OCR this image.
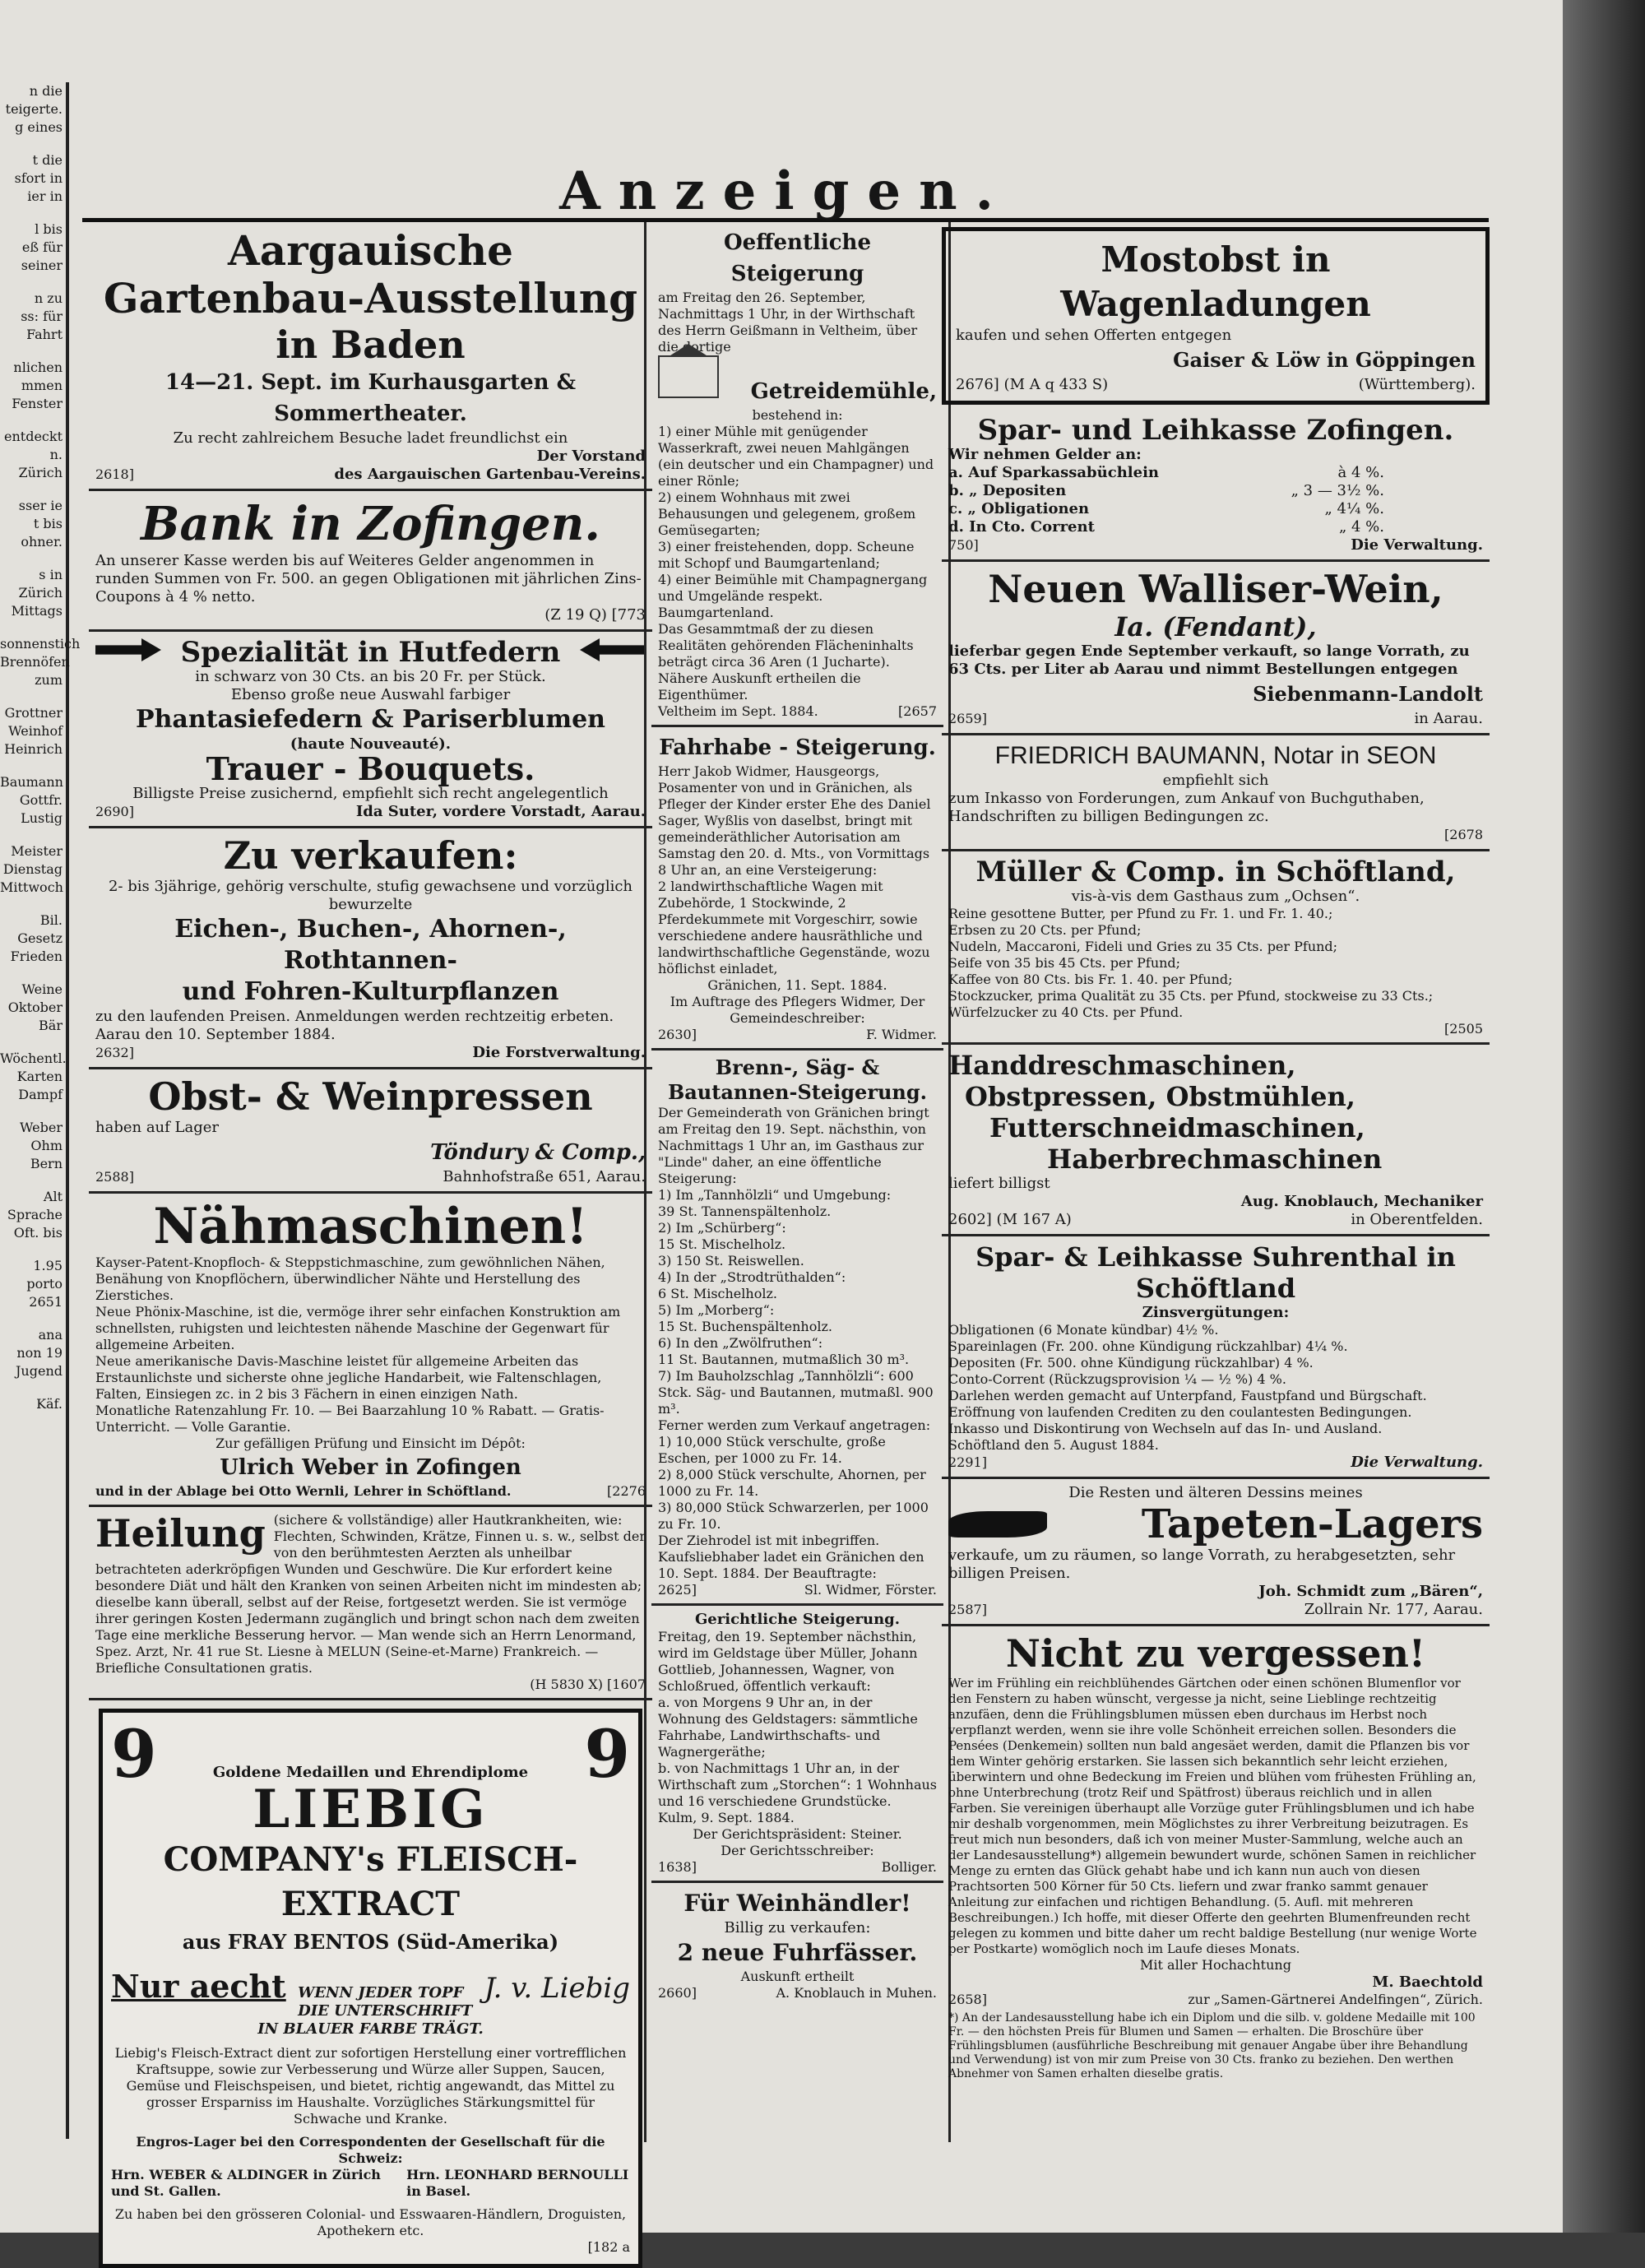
n die
teigerte.
g eines
t die
sfort in
ier in
l bis
eß für
seiner
n zu
ss: für
Fahrt
nlichen
mmen
Fenster
entdeckt
n.
Zürich
sser ie
t bis
ohner.
s in
Zürich
Mittags
sonnenstich
Brennöfen
zum
Grottner
Weinhof
Heinrich
Baumann
Gottfr.
Lustig
Meister
Dienstag
Mittwoch
Bil.
Gesetz
Frieden
Weine
Oktober
Bär
Wöchentl.
Karten
Dampf
Weber
Ohm
Bern
Alt
Sprache
Oft. bis
1.95
porto
2651
ana
non 19
Jugend
Käf.
Anzeigen.
Aargauische Gartenbau-Ausstellung
in Baden
14—21. Sept. im Kurhausgarten & Sommertheater.
Zu recht zahlreichem Besuche ladet freundlichst ein
Der Vorstand
2618]	des Aargauischen Gartenbau-Vereins.
Bank in Zofingen.
An unserer Kasse werden bis auf Weiteres Gelder angenommen in runden Summen von Fr. 500. an gegen Obligationen mit jährlichen Zins-Coupons à 4 % netto.
(Z 19 Q) [773
Spezialität in Hutfedern
in schwarz von 30 Cts. an bis 20 Fr. per Stück.
Ebenso große neue Auswahl farbiger
Phantasiefedern & Pariserblumen
(haute Nouveauté).
Trauer - Bouquets.
Billigste Preise zusichernd, empfiehlt sich recht angelegentlich
2690]	Ida Suter, vordere Vorstadt, Aarau.
Zu verkaufen:
2- bis 3jährige, gehörig verschulte, stufig gewachsene und vorzüglich bewurzelte
Eichen-, Buchen-, Ahornen-, Rothtannen-
und Fohren-Kulturpflanzen
zu den laufenden Preisen. Anmeldungen werden rechtzeitig erbeten.
Aarau den 10. September 1884.
2632]	Die Forstverwaltung.
Obst- & Weinpressen
haben auf Lager
Töndury & Comp.,
2588]	Bahnhofstraße 651, Aarau.
Nähmaschinen!
Kayser-Patent-Knopfloch- & Steppstichmaschine, zum gewöhnlichen Nähen, Benähung von Knopflöchern, überwindlicher Nähte und Herstellung des Zierstiches.
Neue Phönix-Maschine, ist die, vermöge ihrer sehr einfachen Konstruktion am schnellsten, ruhigsten und leichtesten nähende Maschine der Gegenwart für allgemeine Arbeiten.
Neue amerikanische Davis-Maschine leistet für allgemeine Arbeiten das Erstaunlichste und sicherste ohne jegliche Handarbeit, wie Faltenschlagen, Falten, Einsiegen zc. in 2 bis 3 Fächern in einen einzigen Nath.
Monatliche Ratenzahlung Fr. 10. — Bei Baarzahlung 10 % Rabatt. — Gratis-Unterricht. — Volle Garantie.
Zur gefälligen Prüfung und Einsicht im Dépôt:
Ulrich Weber in Zofingen
und in der Ablage bei Otto Wernli, Lehrer in Schöftland.	[2276
Heilung (sichere & vollständige) aller Hautkrankheiten, wie: Flechten, Schwinden, Krätze, Finnen u. s. w., selbst der von den berühmtesten Aerzten als unheilbar betrachteten aderkröpfigen Wunden und Geschwüre. Die Kur erfordert keine besondere Diät und hält den Kranken von seinen Arbeiten nicht im mindesten ab; dieselbe kann überall, selbst auf der Reise, fortgesetzt werden. Sie ist vermöge ihrer geringen Kosten Jedermann zugänglich und bringt schon nach dem zweiten Tage eine merkliche Besserung hervor. — Man wende sich an Herrn Lenormand, Spez. Arzt, Nr. 41 rue St. Liesne à MELUN (Seine-et-Marne) Frankreich. — Briefliche Consultationen gratis.
(H 5830 X) [1607
9	Goldene Medaillen und Ehrendiplome
LIEBIG
9
COMPANY's FLEISCH-EXTRACT
aus FRAY BENTOS (Süd-Amerika)
Nur aecht WENN JEDER TOPF
DIE UNTERSCHRIFT
J. v. Liebig
IN BLAUER FARBE TRÄGT.
Liebig's Fleisch-Extract dient zur sofortigen Herstellung einer vortrefflichen Kraftsuppe, sowie zur Verbesserung und Würze aller Suppen, Saucen, Gemüse und Fleischspeisen, und bietet, richtig angewandt, das Mittel zu grosser Ersparniss im Haushalte. Vorzügliches Stärkungsmittel für Schwache und Kranke.
Engros-Lager bei den Correspondenten der Gesellschaft für die Schweiz:
Hrn. WEBER & ALDINGER in Zürich und St. Gallen.
Hrn. LEONHARD BERNOULLI in Basel.
Zu haben bei den grösseren Colonial- und Esswaaren-Händlern, Droguisten, Apothekern etc.
[182 a
Oeffentliche Steigerung
am Freitag den 26. September, Nachmittags 1 Uhr, in der Wirthschaft des Herrn Geißmann in Veltheim, über die dortige
Getreidemühle,
bestehend in:
1) einer Mühle mit genügender Wasserkraft, zwei neuen Mahlgängen (ein deutscher und ein Champagner) und einer Rönle;
2) einem Wohnhaus mit zwei Behausungen und gelegenem, großem Gemüsegarten;
3) einer freistehenden, dopp. Scheune mit Schopf und Baumgartenland;
4) einer Beimühle mit Champagnergang und Umgelände respekt. Baumgartenland.
Das Gesammtmaß der zu diesen Realitäten gehörenden Flächeninhalts beträgt circa 36 Aren (1 Jucharte). Nähere Auskunft ertheilen die Eigenthümer.
Veltheim im Sept. 1884.	[2657
Fahrhabe - Steigerung.
Herr Jakob Widmer, Hausgeorgs, Posamenter von und in Gränichen, als Pfleger der Kinder erster Ehe des Daniel Sager, Wyßlis von daselbst, bringt mit gemeinderäthlicher Autorisation am Samstag den 20. d. Mts., von Vormittags 8 Uhr an, an eine Versteigerung:
2 landwirthschaftliche Wagen mit Zubehörde, 1 Stockwinde, 2 Pferdekummete mit Vorgeschirr, sowie verschiedene andere hausräthliche und landwirthschaftliche Gegenstände, wozu höflichst einladet,
Gränichen, 11. Sept. 1884.
Im Auftrage des Pflegers Widmer, Der Gemeindeschreiber:
2630]	F. Widmer.
Brenn-, Säg- & Bautannen-Steigerung.
Der Gemeinderath von Gränichen bringt am Freitag den 19. Sept. nächsthin, von Nachmittags 1 Uhr an, im Gasthaus zur "Linde" daher, an eine öffentliche Steigerung:
1) Im „Tannhölzli“ und Umgebung:
39 St. Tannenspältenholz.
2) Im „Schürberg“:
15 St. Mischelholz.
3) 150 St. Reiswellen.
4) In der „Strodtrüthalden“:
6 St. Mischelholz.
5) Im „Morberg“:
15 St. Buchenspältenholz.
6) In den „Zwölfruthen“:
11 St. Bautannen, mutmaßlich 30 m³.
7) Im Bauholzschlag „Tannhölzli“: 600 Stck. Säg- und Bautannen, mutmaßl. 900 m³.
Ferner werden zum Verkauf angetragen:
1) 10,000 Stück verschulte, große Eschen, per 1000 zu Fr. 14.
2) 8,000 Stück verschulte, Ahornen, per 1000 zu Fr. 14.
3) 80,000 Stück Schwarzerlen, per 1000 zu Fr. 10.
Der Ziehrodel ist mit inbegriffen. Kaufsliebhaber ladet ein Gränichen den 10. Sept. 1884. Der Beauftragte:
2625]	Sl. Widmer, Förster.
Gerichtliche Steigerung.
Freitag, den 19. September nächsthin, wird im Geldstage über Müller, Johann Gottlieb, Johannessen, Wagner, von Schloßrued, öffentlich verkauft:
a. von Morgens 9 Uhr an, in der Wohnung des Geldstagers: sämmtliche Fahrhabe, Landwirthschafts- und Wagnergeräthe;
b. von Nachmittags 1 Uhr an, in der Wirthschaft zum „Storchen“: 1 Wohnhaus und 16 verschiedene Grundstücke.
Kulm, 9. Sept. 1884.
Der Gerichtspräsident: Steiner.
Der Gerichtsschreiber:
1638]	Bolliger.
Für Weinhändler!
Billig zu verkaufen:
2 neue Fuhrfässer.
Auskunft ertheilt
2660]	A. Knoblauch in Muhen.
Mostobst in Wagenladungen
kaufen und sehen Offerten entgegen
Gaiser & Löw in Göppingen
2676] (M A q 433 S)	(Württemberg).
Spar- und Leihkasse Zofingen.
Wir nehmen Gelder an:
a. Auf Sparkassabüchlein	à 4 %.
b. „ Depositen	„ 3 — 3½ %.
c. „ Obligationen	„ 4¼ %.
d. In Cto. Corrent	„ 4 %.
750]	Die Verwaltung.
Neuen Walliser-Wein,
Ia. (Fendant),
lieferbar gegen Ende September verkauft, so lange Vorrath, zu 63 Cts. per Liter ab Aarau und nimmt Bestellungen entgegen
Siebenmann-Landolt
2659]	in Aarau.
FRIEDRICH BAUMANN, Notar in SEON
empfiehlt sich
zum Inkasso von Forderungen, zum Ankauf von Buchguthaben, Handschriften zu billigen Bedingungen zc.
[2678
Müller & Comp. in Schöftland,
vis-à-vis dem Gasthaus zum „Ochsen“.
Reine gesottene Butter, per Pfund zu Fr. 1. und Fr. 1. 40.;
Erbsen zu 20 Cts. per Pfund;
Nudeln, Maccaroni, Fideli und Gries zu 35 Cts. per Pfund;
Seife von 35 bis 45 Cts. per Pfund;
Kaffee von 80 Cts. bis Fr. 1. 40. per Pfund;
Stockzucker, prima Qualität zu 35 Cts. per Pfund, stockweise zu 33 Cts.;
Würfelzucker zu 40 Cts. per Pfund.
[2505
Handdreschmaschinen,
Obstpressen, Obstmühlen,
Futterschneidmaschinen,
Haberbrechmaschinen
liefert billigst
Aug. Knoblauch, Mechaniker
2602] (M 167 A)	in Oberentfelden.
Spar- & Leihkasse Suhrenthal in Schöftland
Zinsvergütungen:
Obligationen (6 Monate kündbar) 4½ %.
Spareinlagen (Fr. 200. ohne Kündigung rückzahlbar) 4¼ %.
Depositen (Fr. 500. ohne Kündigung rückzahlbar) 4 %.
Conto-Corrent (Rückzugsprovision ¼ — ½ %) 4 %.
Darlehen werden gemacht auf Unterpfand, Faustpfand und Bürgschaft.
Eröffnung von laufenden Crediten zu den coulantesten Bedingungen.
Inkasso und Diskontirung von Wechseln auf das In- und Ausland.
Schöftland den 5. August 1884.
2291]	Die Verwaltung.
Die Resten und älteren Dessins meines
Tapeten-Lagers
verkaufe, um zu räumen, so lange Vorrath, zu herabgesetzten, sehr billigen Preisen.
Joh. Schmidt zum „Bären“,
2587]	Zollrain Nr. 177, Aarau.
Nicht zu vergessen!
Wer im Frühling ein reichblühendes Gärtchen oder einen schönen Blumenflor vor den Fenstern zu haben wünscht, vergesse ja nicht, seine Lieblinge rechtzeitig anzufäen, denn die Frühlingsblumen müssen eben durchaus im Herbst noch verpflanzt werden, wenn sie ihre volle Schönheit erreichen sollen. Besonders die Pensées (Denkemein) sollten nun bald angesäet werden, damit die Pflanzen bis vor dem Winter gehörig erstarken. Sie lassen sich bekanntlich sehr leicht erziehen, überwintern und ohne Bedeckung im Freien und blühen vom frühesten Frühling an, ohne Unterbrechung (trotz Reif und Spätfrost) überaus reichlich und in allen Farben. Sie vereinigen überhaupt alle Vorzüge guter Frühlingsblumen und ich habe mir deshalb vorgenommen, mein Möglichstes zu ihrer Verbreitung beizutragen. Es freut mich nun besonders, daß ich von meiner Muster-Sammlung, welche auch an der Landesausstellung*) allgemein bewundert wurde, schönen Samen in reichlicher Menge zu ernten das Glück gehabt habe und ich kann nun auch von diesen Prachtsorten 500 Körner für 50 Cts. liefern und zwar franko sammt genauer Anleitung zur einfachen und richtigen Behandlung. (5. Aufl. mit mehreren Beschreibungen.) Ich hoffe, mit dieser Offerte den geehrten Blumenfreunden recht gelegen zu kommen und bitte daher um recht baldige Bestellung (nur wenige Worte per Postkarte) womöglich noch im Laufe dieses Monats.
Mit aller Hochachtung
M. Baechtold
2658]	zur „Samen-Gärtnerei Andelfingen“, Zürich.
*) An der Landesausstellung habe ich ein Diplom und die silb. v. goldene Medaille mit 100 Fr. — den höchsten Preis für Blumen und Samen — erhalten. Die Broschüre über Frühlingsblumen (ausführliche Beschreibung mit genauer Angabe über ihre Behandlung und Verwendung) ist von mir zum Preise von 30 Cts. franko zu beziehen. Den werthen Abnehmer von Samen erhalten dieselbe gratis.
